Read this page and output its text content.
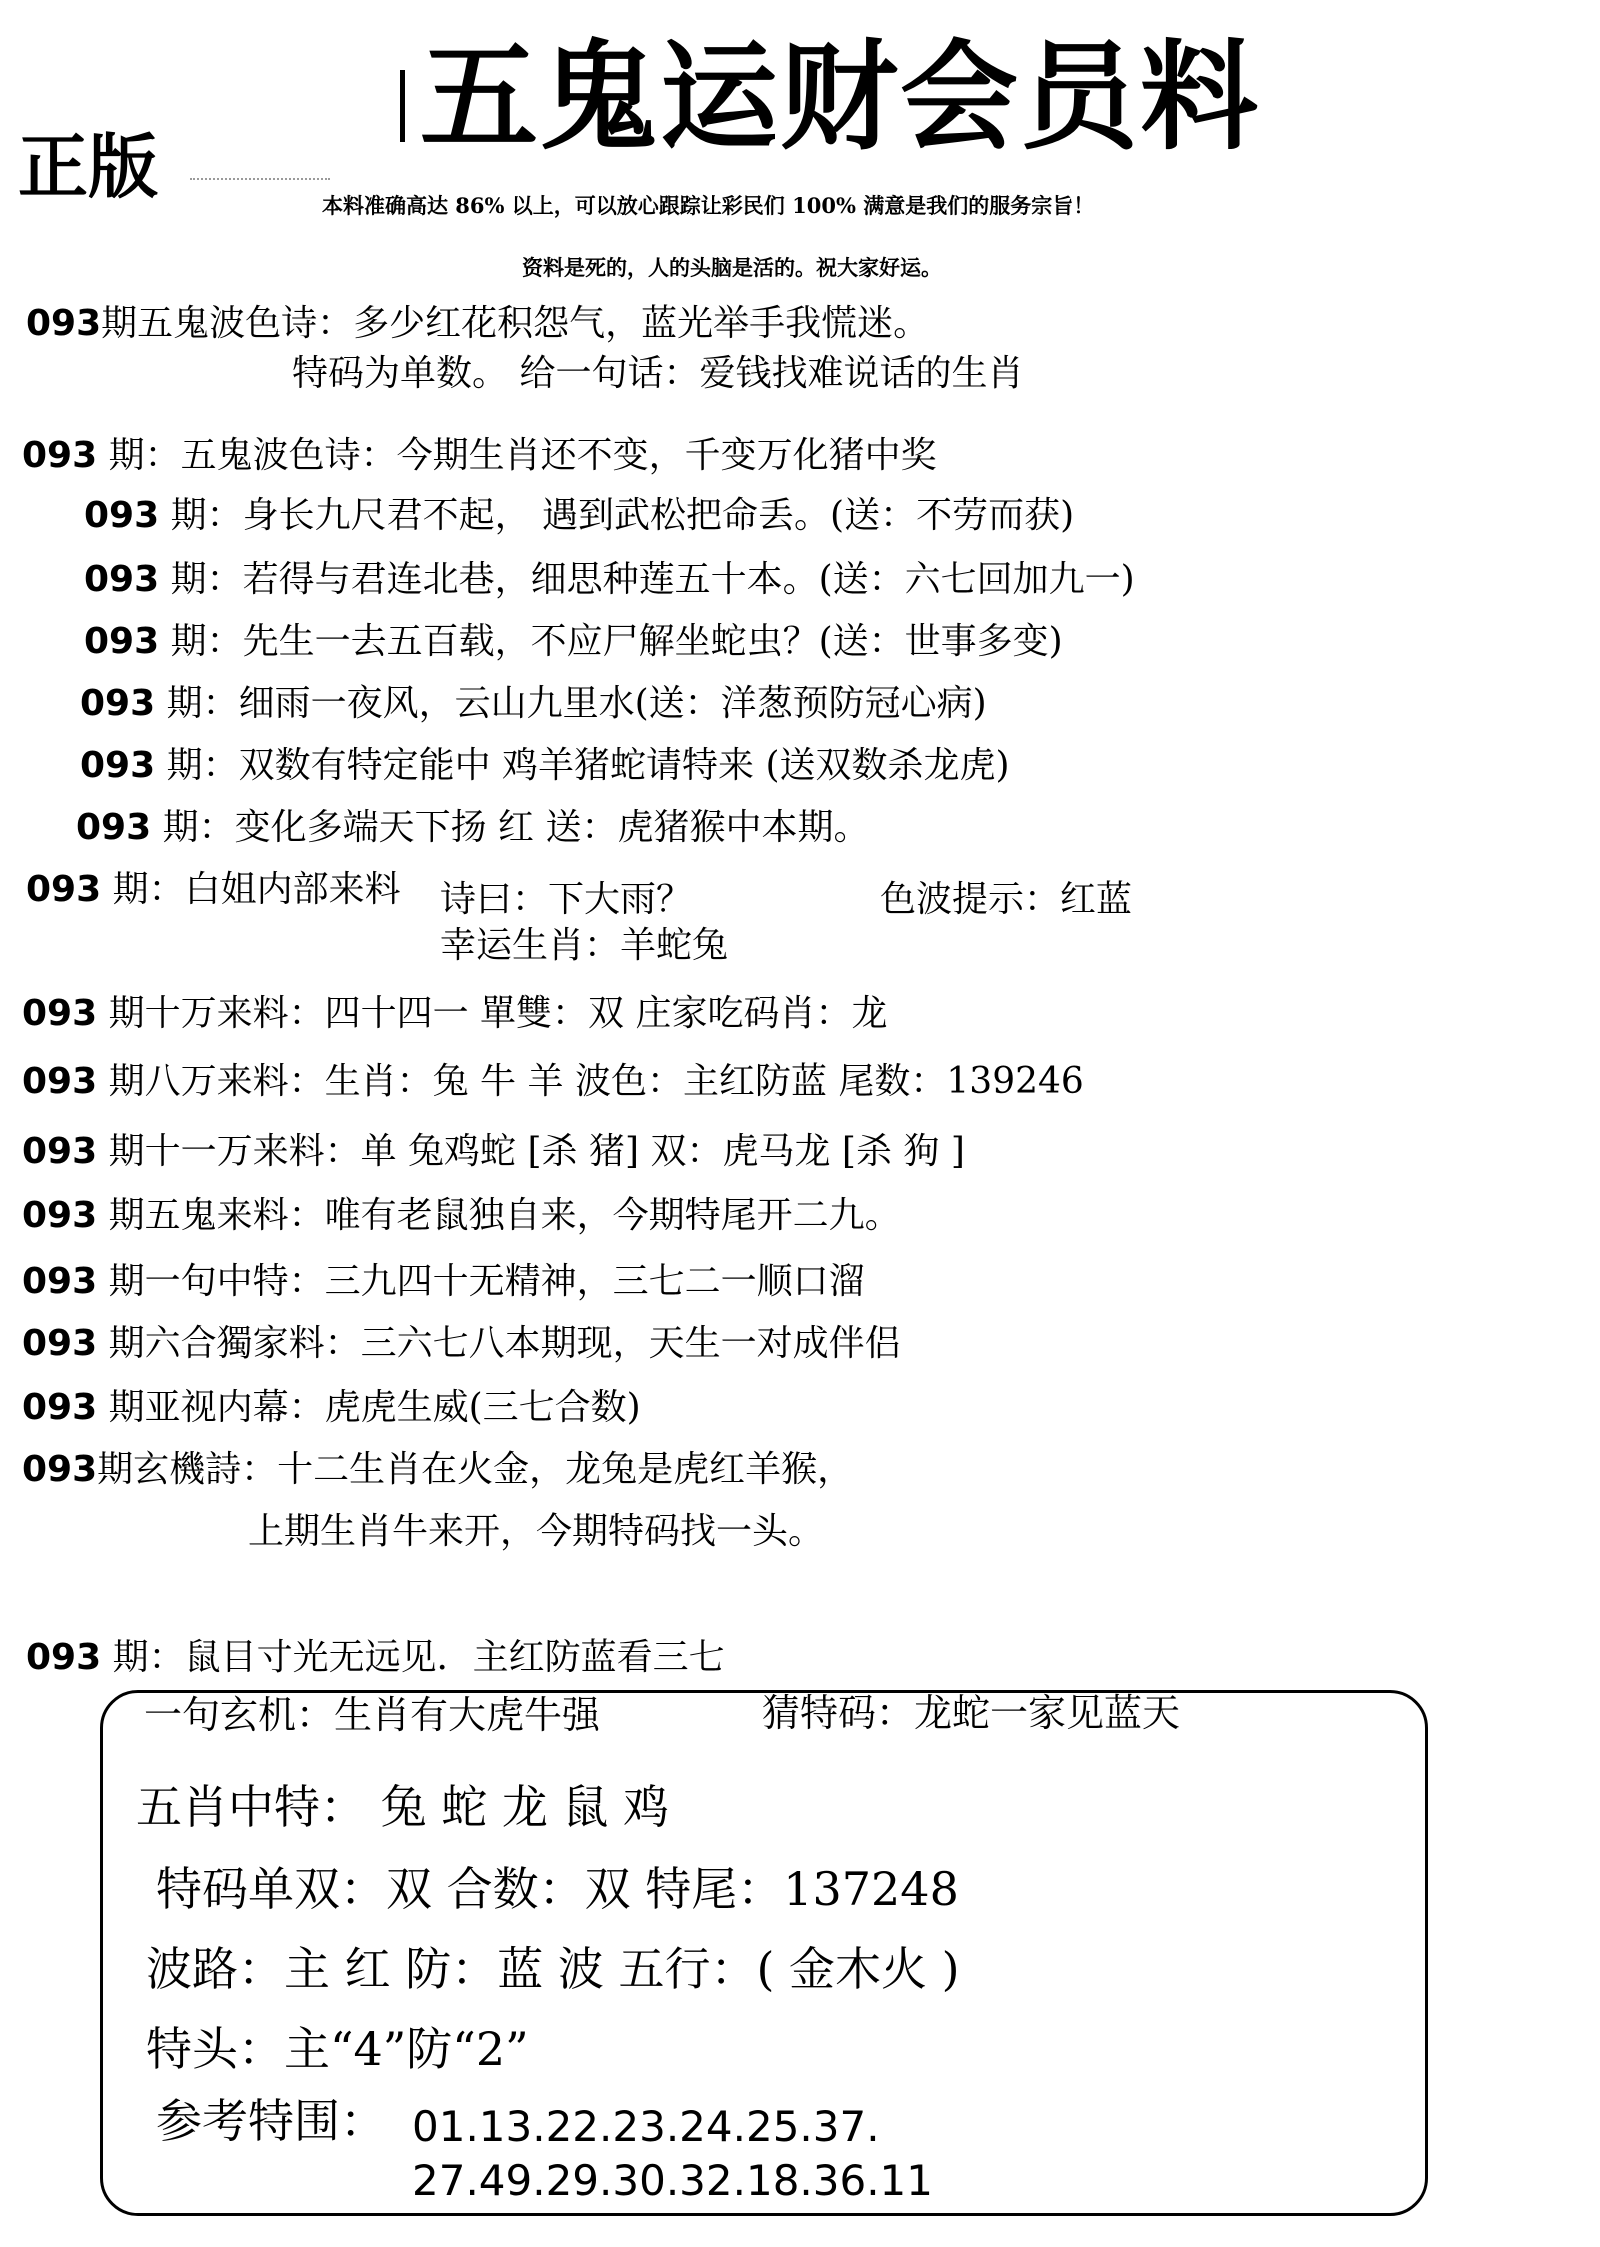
五鬼运财会员料
正版	本料准确高达 86% 以上，可以放心跟踪让彩民们 100% 满意是我们的服务宗旨！
资料是死的，人的头脑是活的。祝大家好运。
093期五鬼波色诗：多少红花积怨气，蓝光举手我慌迷。
特码为单数。 给一句话：爱钱找难说话的生肖
093 期：五鬼波色诗：今期生肖还不变，千变万化猪中奖
093 期：身长九尺君不起， 遇到武松把命丢。(送：不劳而获)
093 期：若得与君连北巷，细思种莲五十本。(送：六七回加九一)
093 期：先生一去五百载，不应尸解坐蛇虫？(送：世事多变)
093 期：细雨一夜风，云山九里水(送：洋葱预防冠心病)
093 期：双数有特定能中 鸡羊猪蛇请特来 (送双数杀龙虎)
093 期：变化多端天下扬 红 送：虎猪猴中本期。
093 期：白姐内部来料 诗曰：下大雨？	色波提示：红蓝
幸运生肖：羊蛇兔
093 期十万来料：四十四一 單雙：双 庄家吃码肖：龙
093 期八万来料：生肖：兔 牛 羊 波色：主红防蓝 尾数：139246
093 期十一万来料：单 兔鸡蛇 [杀 猪] 双：虎马龙 [杀 狗 ]
093 期五鬼来料：唯有老鼠独自来，今期特尾开二九。
093 期一句中特：三九四十无精神，三七二一顺口溜
093 期六合獨家料：三六七八本期现，天生一对成伴侣
093 期亚视内幕：虎虎生威(三七合数)
093期玄機詩：十二生肖在火金，龙兔是虎红羊猴，
上期生肖牛来开，今期特码找一头。
093 期：鼠目寸光无远见．主红防蓝看三七
一句玄机：生肖有大虎牛强	猜特码：龙蛇一家见蓝天
五肖中特： 兔 蛇 龙 鼠 鸡
特码单双：双 合数：双 特尾：137248
波路：主 红 防：蓝 波 五行：( 金木火 )
特头：主“4”防“2”
参考特围： 01.13.22.23.24.25.37.
27.49.29.30.32.18.36.11
